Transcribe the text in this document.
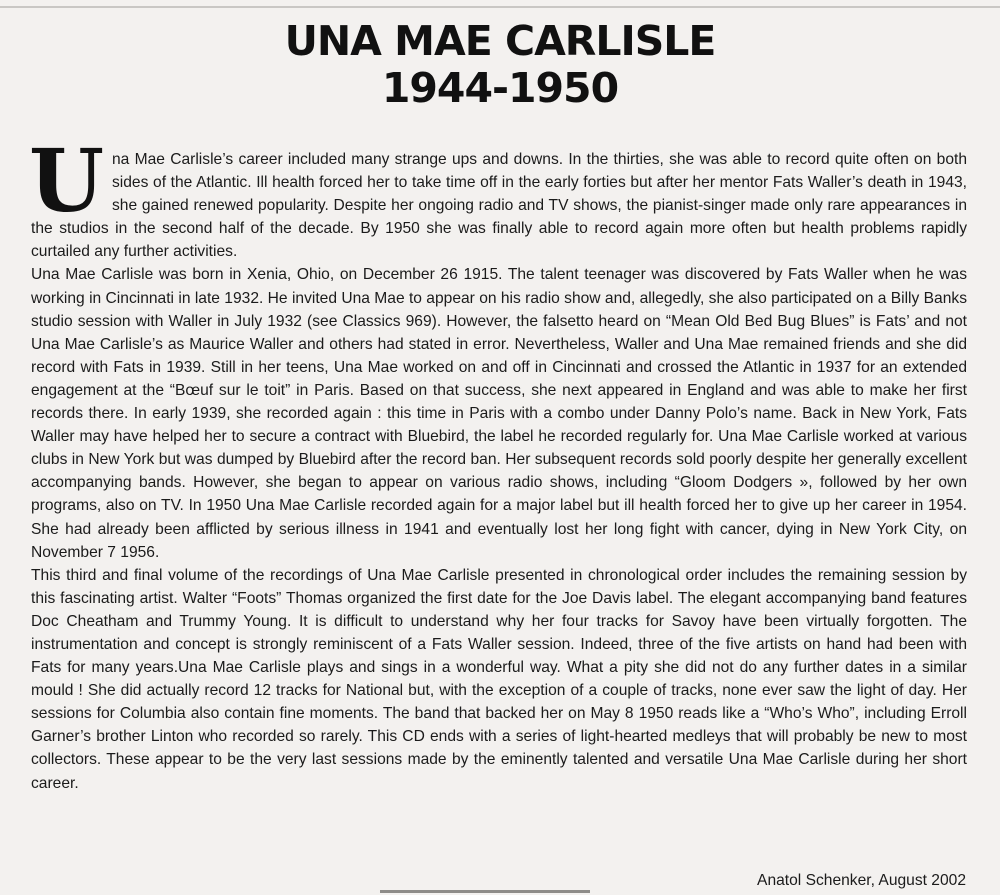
UNA MAE CARLISLE
1944-1950

Una Mae Carlisle’s career included many strange ups and downs. In the thirties, she was able to record quite often on both sides of the Atlantic. Ill health forced her to take time off in the early forties but after her mentor Fats Waller’s death in 1943, she gained renewed popularity. Despite her ongoing radio and TV shows, the pianist-singer made only rare appearances in the studios in the second half of the decade. By 1950 she was finally able to record again more often but health problems rapidly curtailed any further activities.

Una Mae Carlisle was born in Xenia, Ohio, on December 26 1915. The talent teenager was discovered by Fats Waller when he was working in Cincinnati in late 1932. He invited Una Mae to appear on his radio show and, allegedly, she also participated on a Billy Banks studio session with Waller in July 1932 (see Classics 969). However, the falsetto heard on “Mean Old Bed Bug Blues” is Fats’ and not Una Mae Carlisle’s as Maurice Waller and others had stated in error. Nevertheless, Waller and Una Mae remained friends and she did record with Fats in 1939. Still in her teens, Una Mae worked on and off in Cincinnati and crossed the Atlantic in 1937 for an extended engagement at the “Bœuf sur le toit” in Paris. Based on that success, she next appeared in England and was able to make her first records there. In early 1939, she recorded again : this time in Paris with a combo under Danny Polo’s name. Back in New York, Fats Waller may have helped her to secure a contract with Bluebird, the label he recorded regularly for. Una Mae Carlisle worked at various clubs in New York but was dumped by Bluebird after the record ban. Her subsequent records sold poorly despite her generally excellent accompanying bands. However, she began to appear on various radio shows, including “Gloom Dodgers », followed by her own programs, also on TV. In 1950 Una Mae Carlisle recorded again for a major label but ill health forced her to give up her career in 1954. She had already been afflicted by serious illness in 1941 and eventually lost her long fight with cancer, dying in New York City, on November 7 1956.

This third and final volume of the recordings of Una Mae Carlisle presented in chronological order includes the remaining session by this fascinating artist. Walter “Foots” Thomas organized the first date for the Joe Davis label. The elegant accompanying band features Doc Cheatham and Trummy Young. It is difficult to understand why her four tracks for Savoy have been virtually forgotten. The instrumentation and concept is strongly reminiscent of a Fats Waller session. Indeed, three of the five artists on hand had been with Fats for many years.Una Mae Carlisle plays and sings in a wonderful way. What a pity she did not do any further dates in a similar mould ! She did actually record 12 tracks for National but, with the exception of a couple of tracks, none ever saw the light of day. Her sessions for Columbia also contain fine moments. The band that backed her on May 8 1950 reads like a “Who’s Who”, including Erroll Garner’s brother Linton who recorded so rarely. This CD ends with a series of light-hearted medleys that will probably be new to most collectors. These appear to be the very last sessions made by the eminently talented and versatile Una Mae Carlisle during her short career.

Anatol Schenker, August 2002
